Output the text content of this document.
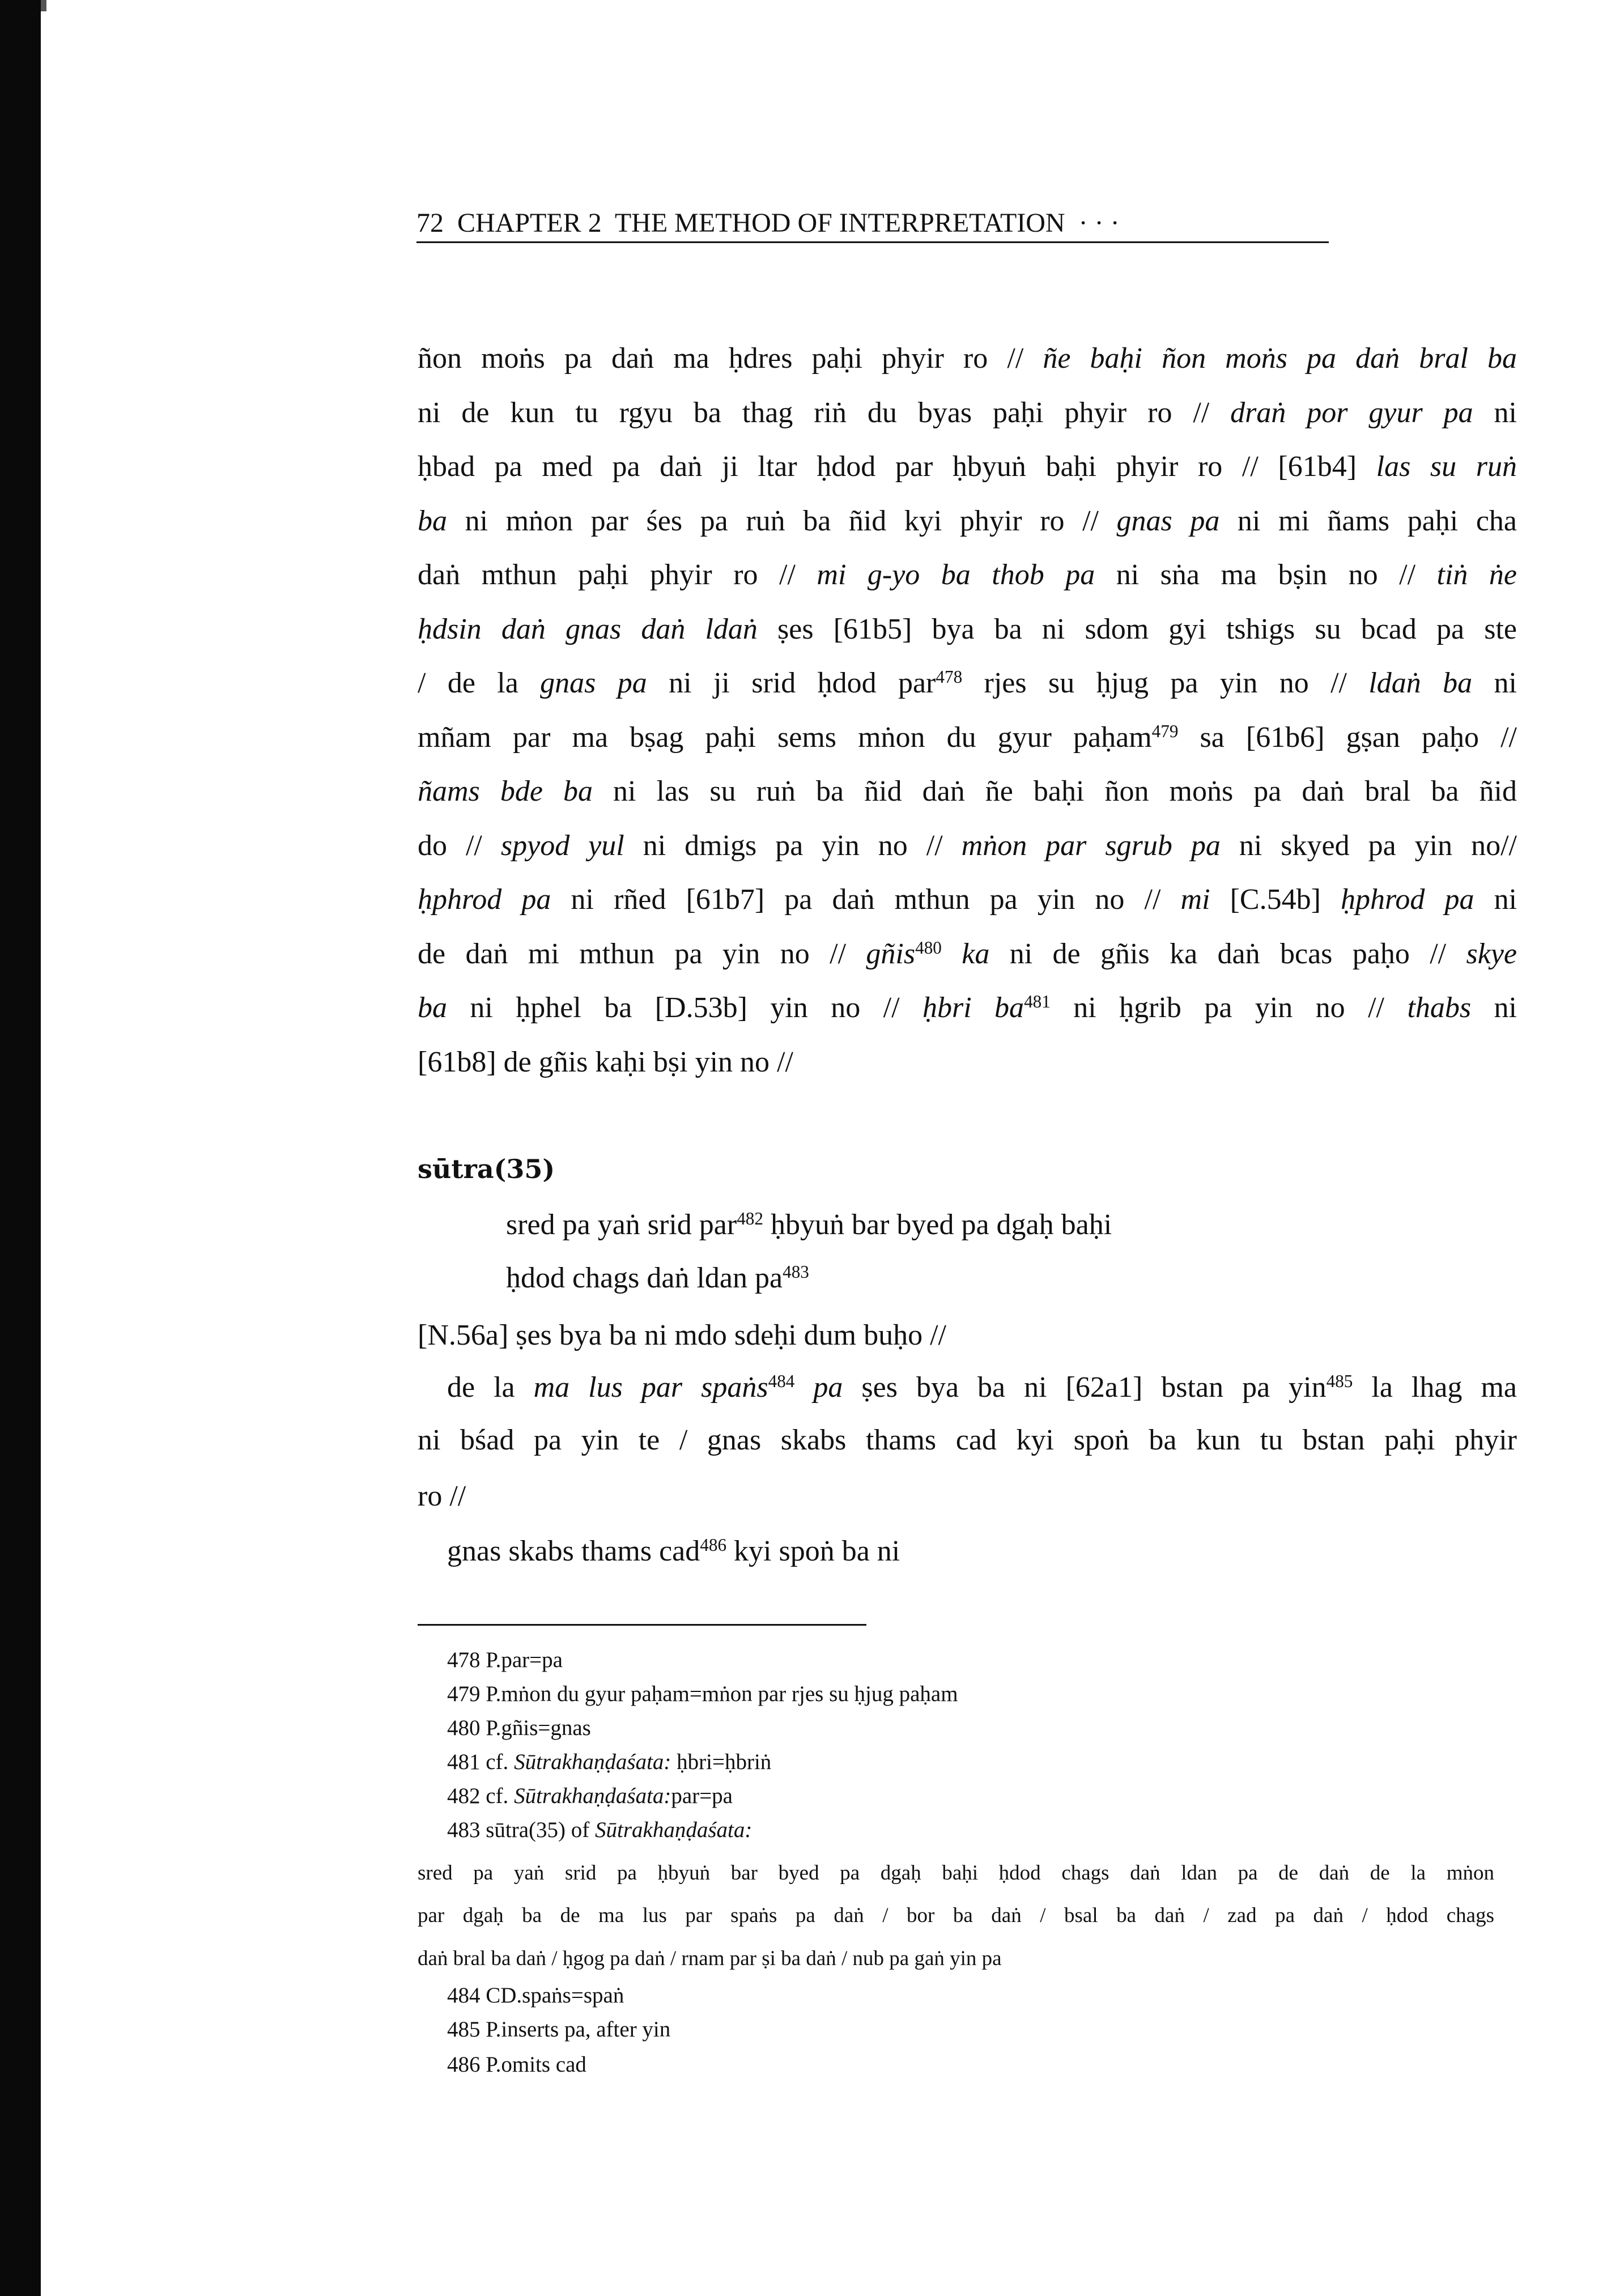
72 CHAPTER 2  THE METHOD OF INTERPRETATION · · ·
ñon moṅs pa daṅ ma ḥdres paḥi phyir ro // ñe baḥi ñon moṅs pa daṅ bral ba
ni de kun tu rgyu ba thag riṅ du byas paḥi phyir ro // draṅ por gyur pa ni
ḥbad pa med pa daṅ ji ltar ḥdod par ḥbyuṅ baḥi phyir ro // [61b4] las su ruṅ
ba ni mṅon par śes pa ruṅ ba ñid kyi phyir ro // gnas pa ni mi ñams paḥi cha
daṅ mthun paḥi phyir ro // mi g-yo ba thob pa ni sṅa ma bṣin no // tiṅ ṅe
ḥdsin daṅ gnas daṅ ldaṅ ṣes [61b5] bya ba ni sdom gyi tshigs su bcad pa ste
/ de la gnas pa ni ji srid ḥdod par$^{478}$ rjes su ḥjug pa yin no // ldaṅ ba ni
mñam par ma bṣag paḥi sems mṅon du gyur paḥam$^{479}$ sa [61b6] gṣan paḥo //
ñams bde ba ni las su ruṅ ba ñid daṅ ñe baḥi ñon moṅs pa daṅ bral ba ñid
do // spyod yul ni dmigs pa yin no // mṅon par sgrub pa ni skyed pa yin no//
ḥphrod pa ni rñed [61b7] pa daṅ mthun pa yin no // mi [C.54b] ḥphrod pa ni
de daṅ mi mthun pa yin no // gñis$^{480}$ ka ni de gñis ka daṅ bcas paḥo // skye
ba ni ḥphel ba [D.53b] yin no // ḥbri $ba^{481}$ ni ḥgrib pa yin no // thabs ni
[61b8] de gñis kaḥi bṣi yin no //
sūtra(35)
sred pa yaṅ srid par$^{482}$ ḥbyuṅ bar byed pa dgaḥ baḥi
ḥdod chags daṅ ldan $pa^{483}$
[N.56a] ṣes bya ba ni mdo sdeḥi dum buḥo //
de la ma lus par spaṅs$^{484}$ pa ṣes bya ba ni [62a1] bstan pa yin$^{485}$ la lhag ma
ni bśad pa yin te / gnas skabs thams cad kyi spoṅ ba kun tu bstan paḥi phyir
ro //
gnas skabs thams cad$^{486}$ kyi spoṅ ba ni
478 P.par=pa
479 P.mṅon du gyur paḥam=mṅon par rjes su ḥjug paḥam
480 P.gñis=gnas
481 cf. Sūtrakhaṇḍaśata: ḥbri=ḥbriṅ
482 cf. Sūtrakhaṇḍaśata:par=pa
483 sūtra(35) of Sūtrakhaṇḍaśata:
sred pa yaṅ srid pa ḥbyuṅ bar byed pa dgaḥ baḥi ḥdod chags daṅ ldan pa de daṅ de la mṅon
par dgaḥ ba de ma lus par spaṅs pa daṅ / bor ba daṅ / bsal ba daṅ / zad pa daṅ / ḥdod chags
daṅ bral ba daṅ / ḥgog pa daṅ / rnam par ṣi ba daṅ / nub pa gaṅ yin pa
484 CD.spaṅs=spaṅ
485 P.inserts pa, after yin
486 P.omits cad
